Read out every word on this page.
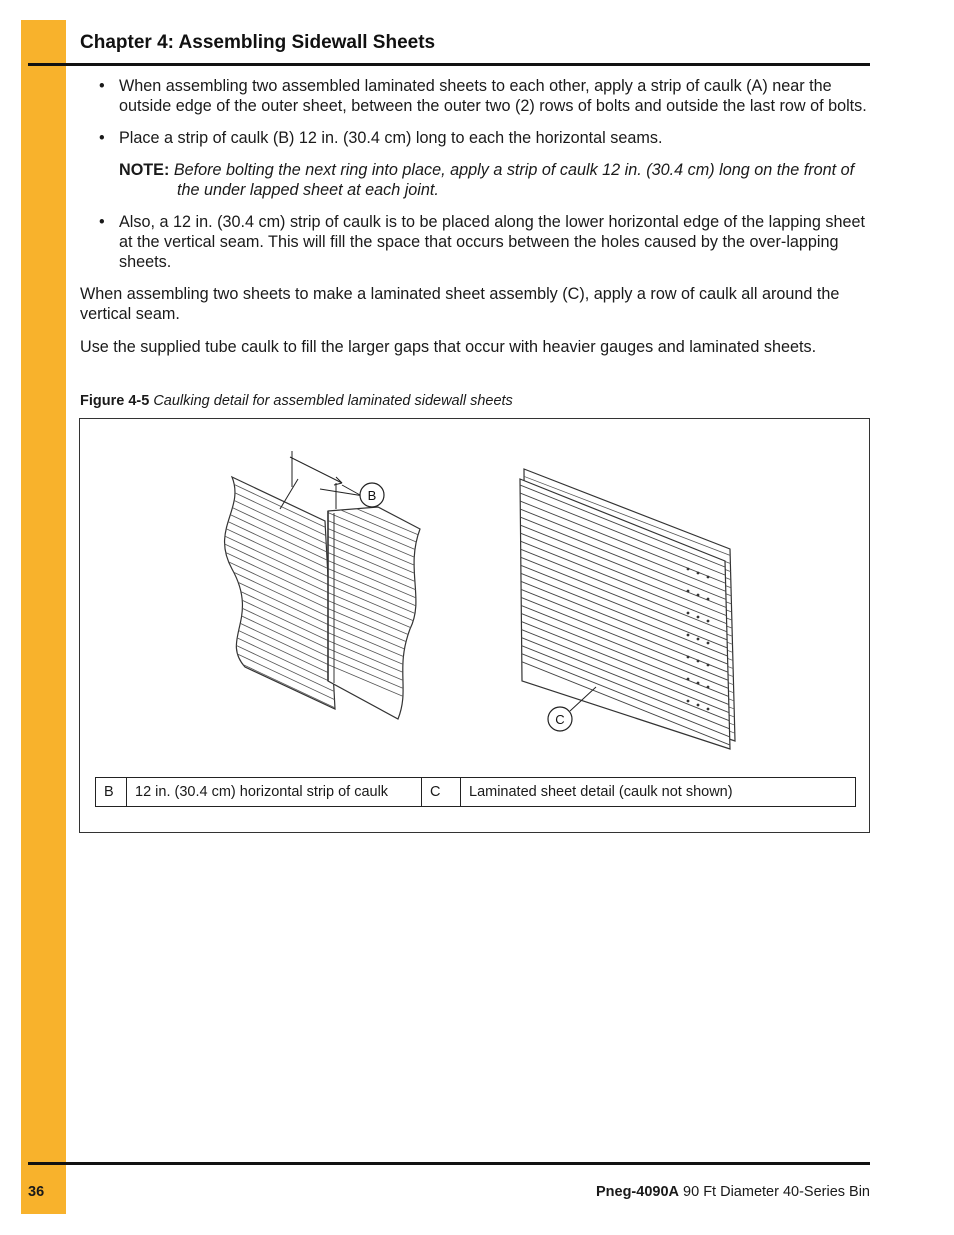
Chapter 4: Assembling Sidewall Sheets
• When assembling two assembled laminated sheets to each other, apply a strip of caulk (A) near the outside edge of the outer sheet, between the outer two (2) rows of bolts and outside the last row of bolts.
• Place a strip of caulk (B) 12 in. (30.4 cm) long to each the horizontal seams.
NOTE: Before bolting the next ring into place, apply a strip of caulk 12 in. (30.4 cm) long on the front of the under lapped sheet at each joint.
• Also, a 12 in. (30.4 cm) strip of caulk is to be placed along the lower horizontal edge of the lapping sheet at the vertical seam. This will fill the space that occurs between the holes caused by the over-lapping sheets.
When assembling two sheets to make a laminated sheet assembly (C), apply a row of caulk all around the vertical seam.
Use the supplied tube caulk to fill the larger gaps that occur with heavier gauges and laminated sheets.
Figure 4-5 Caulking detail for assembled laminated sidewall sheets
B
C
B	12 in. (30.4 cm) horizontal strip of caulk	C	Laminated sheet detail (caulk not shown)
36	Pneg-4090A 90 Ft Diameter 40-Series Bin
